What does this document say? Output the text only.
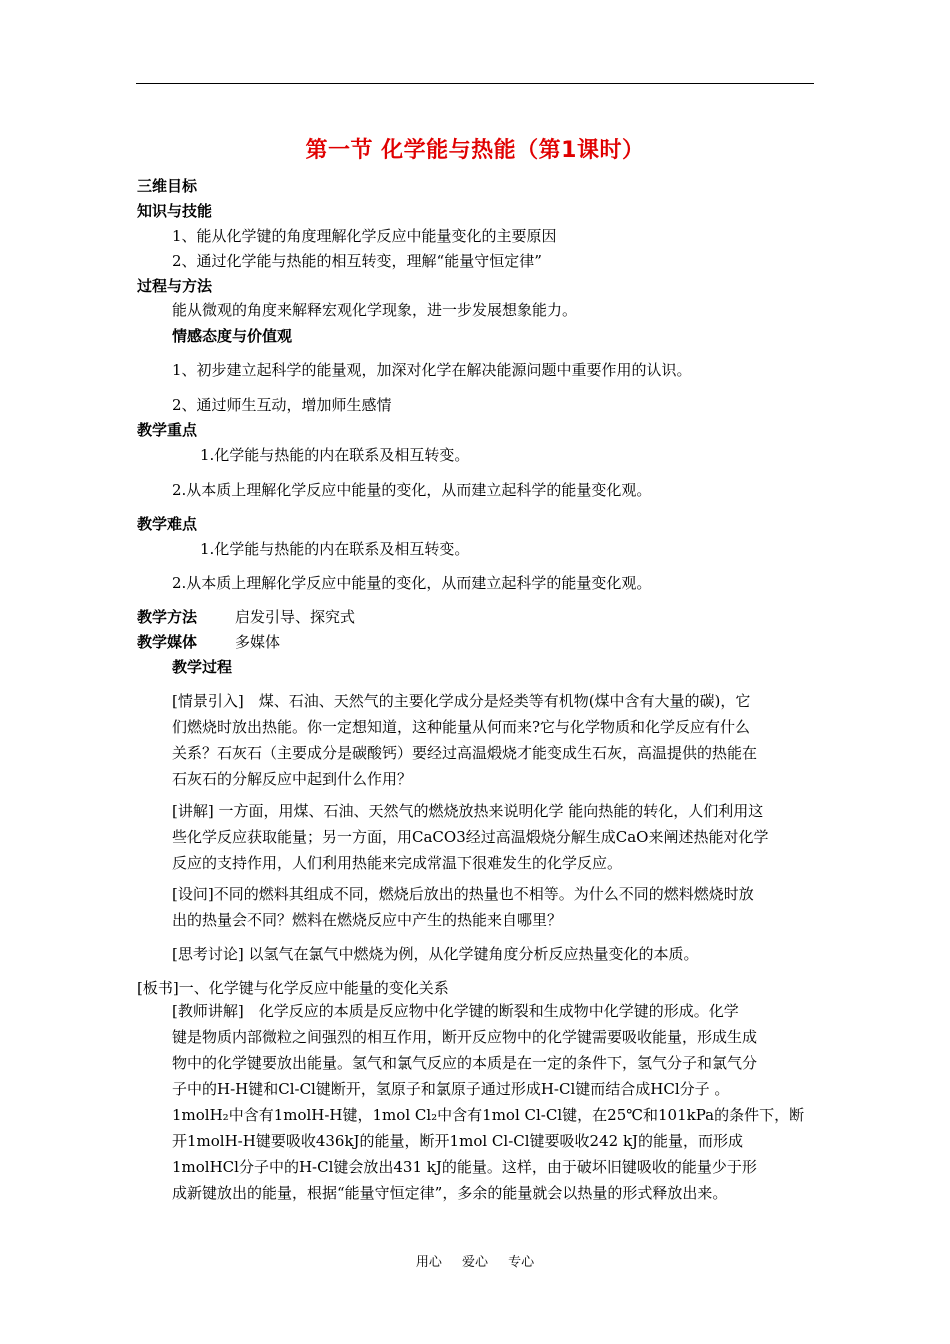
第一节 化学能与热能（第1课时）
三维目标
知识与技能
1、能从化学键的角度理解化学反应中能量变化的主要原因
2、通过化学能与热能的相互转变，理解“能量守恒定律”
过程与方法
能从微观的角度来解释宏观化学现象，进一步发展想象能力。
情感态度与价值观
1、初步建立起科学的能量观，加深对化学在解决能源问题中重要作用的认识。
2、通过师生互动，增加师生感情
教学重点
1.化学能与热能的内在联系及相互转变。
2.从本质上理解化学反应中能量的变化，从而建立起科学的能量变化观。
教学难点
1.化学能与热能的内在联系及相互转变。
2.从本质上理解化学反应中能量的变化，从而建立起科学的能量变化观。
教学方法	启发引导、探究式
教学媒体	多媒体
教学过程

[情景引入]　煤、石油、天然气的主要化学成分是烃类等有机物(煤中含有大量的碳)，它

们燃烧时放出热能。你一定想知道，这种能量从何而来?它与化学物质和化学反应有什么

关系？石灰石（主要成分是碳酸钙）要经过高温煅烧才能变成生石灰，高温提供的热能在

石灰石的分解反应中起到什么作用？

[讲解] 一方面，用煤、石油、天然气的燃烧放热来说明化学 能向热能的转化，人们利用这

些化学反应获取能量；另一方面，用CaCO3经过高温煅烧分解生成CaO来阐述热能对化学

反应的支持作用，人们利用热能来完成常温下很难发生的化学反应。

[设问]不同的燃料其组成不同，燃烧后放出的热量也不相等。为什么不同的燃料燃烧时放

出的热量会不同？燃料在燃烧反应中产生的热能来自哪里？

[思考讨论] 以氢气在氯气中燃烧为例，从化学键角度分析反应热量变化的本质。
[板书]一、化学键与化学反应中能量的变化关系

[教师讲解]　化学反应的本质是反应物中化学键的断裂和生成物中化学键的形成。化学

键是物质内部微粒之间强烈的相互作用，断开反应物中的化学键需要吸收能量，形成生成

物中的化学键要放出能量。氢气和氯气反应的本质是在一定的条件下，氢气分子和氯气分

子中的H-H键和Cl-Cl键断开，氢原子和氯原子通过形成H-Cl键而结合成HCl分子 。

1molH₂中含有1molH-H键，1mol Cl₂中含有1mol Cl-Cl键，在25℃和101kPa的条件下，断

开1molH-H键要吸收436kJ的能量，断开1mol Cl-Cl键要吸收242 kJ的能量，而形成

1molHCl分子中的H-Cl键会放出431 kJ的能量。这样，由于破坏旧键吸收的能量少于形

成新键放出的能量，根据“能量守恒定律”，多余的能量就会以热量的形式释放出来。

用心 爱心 专心
